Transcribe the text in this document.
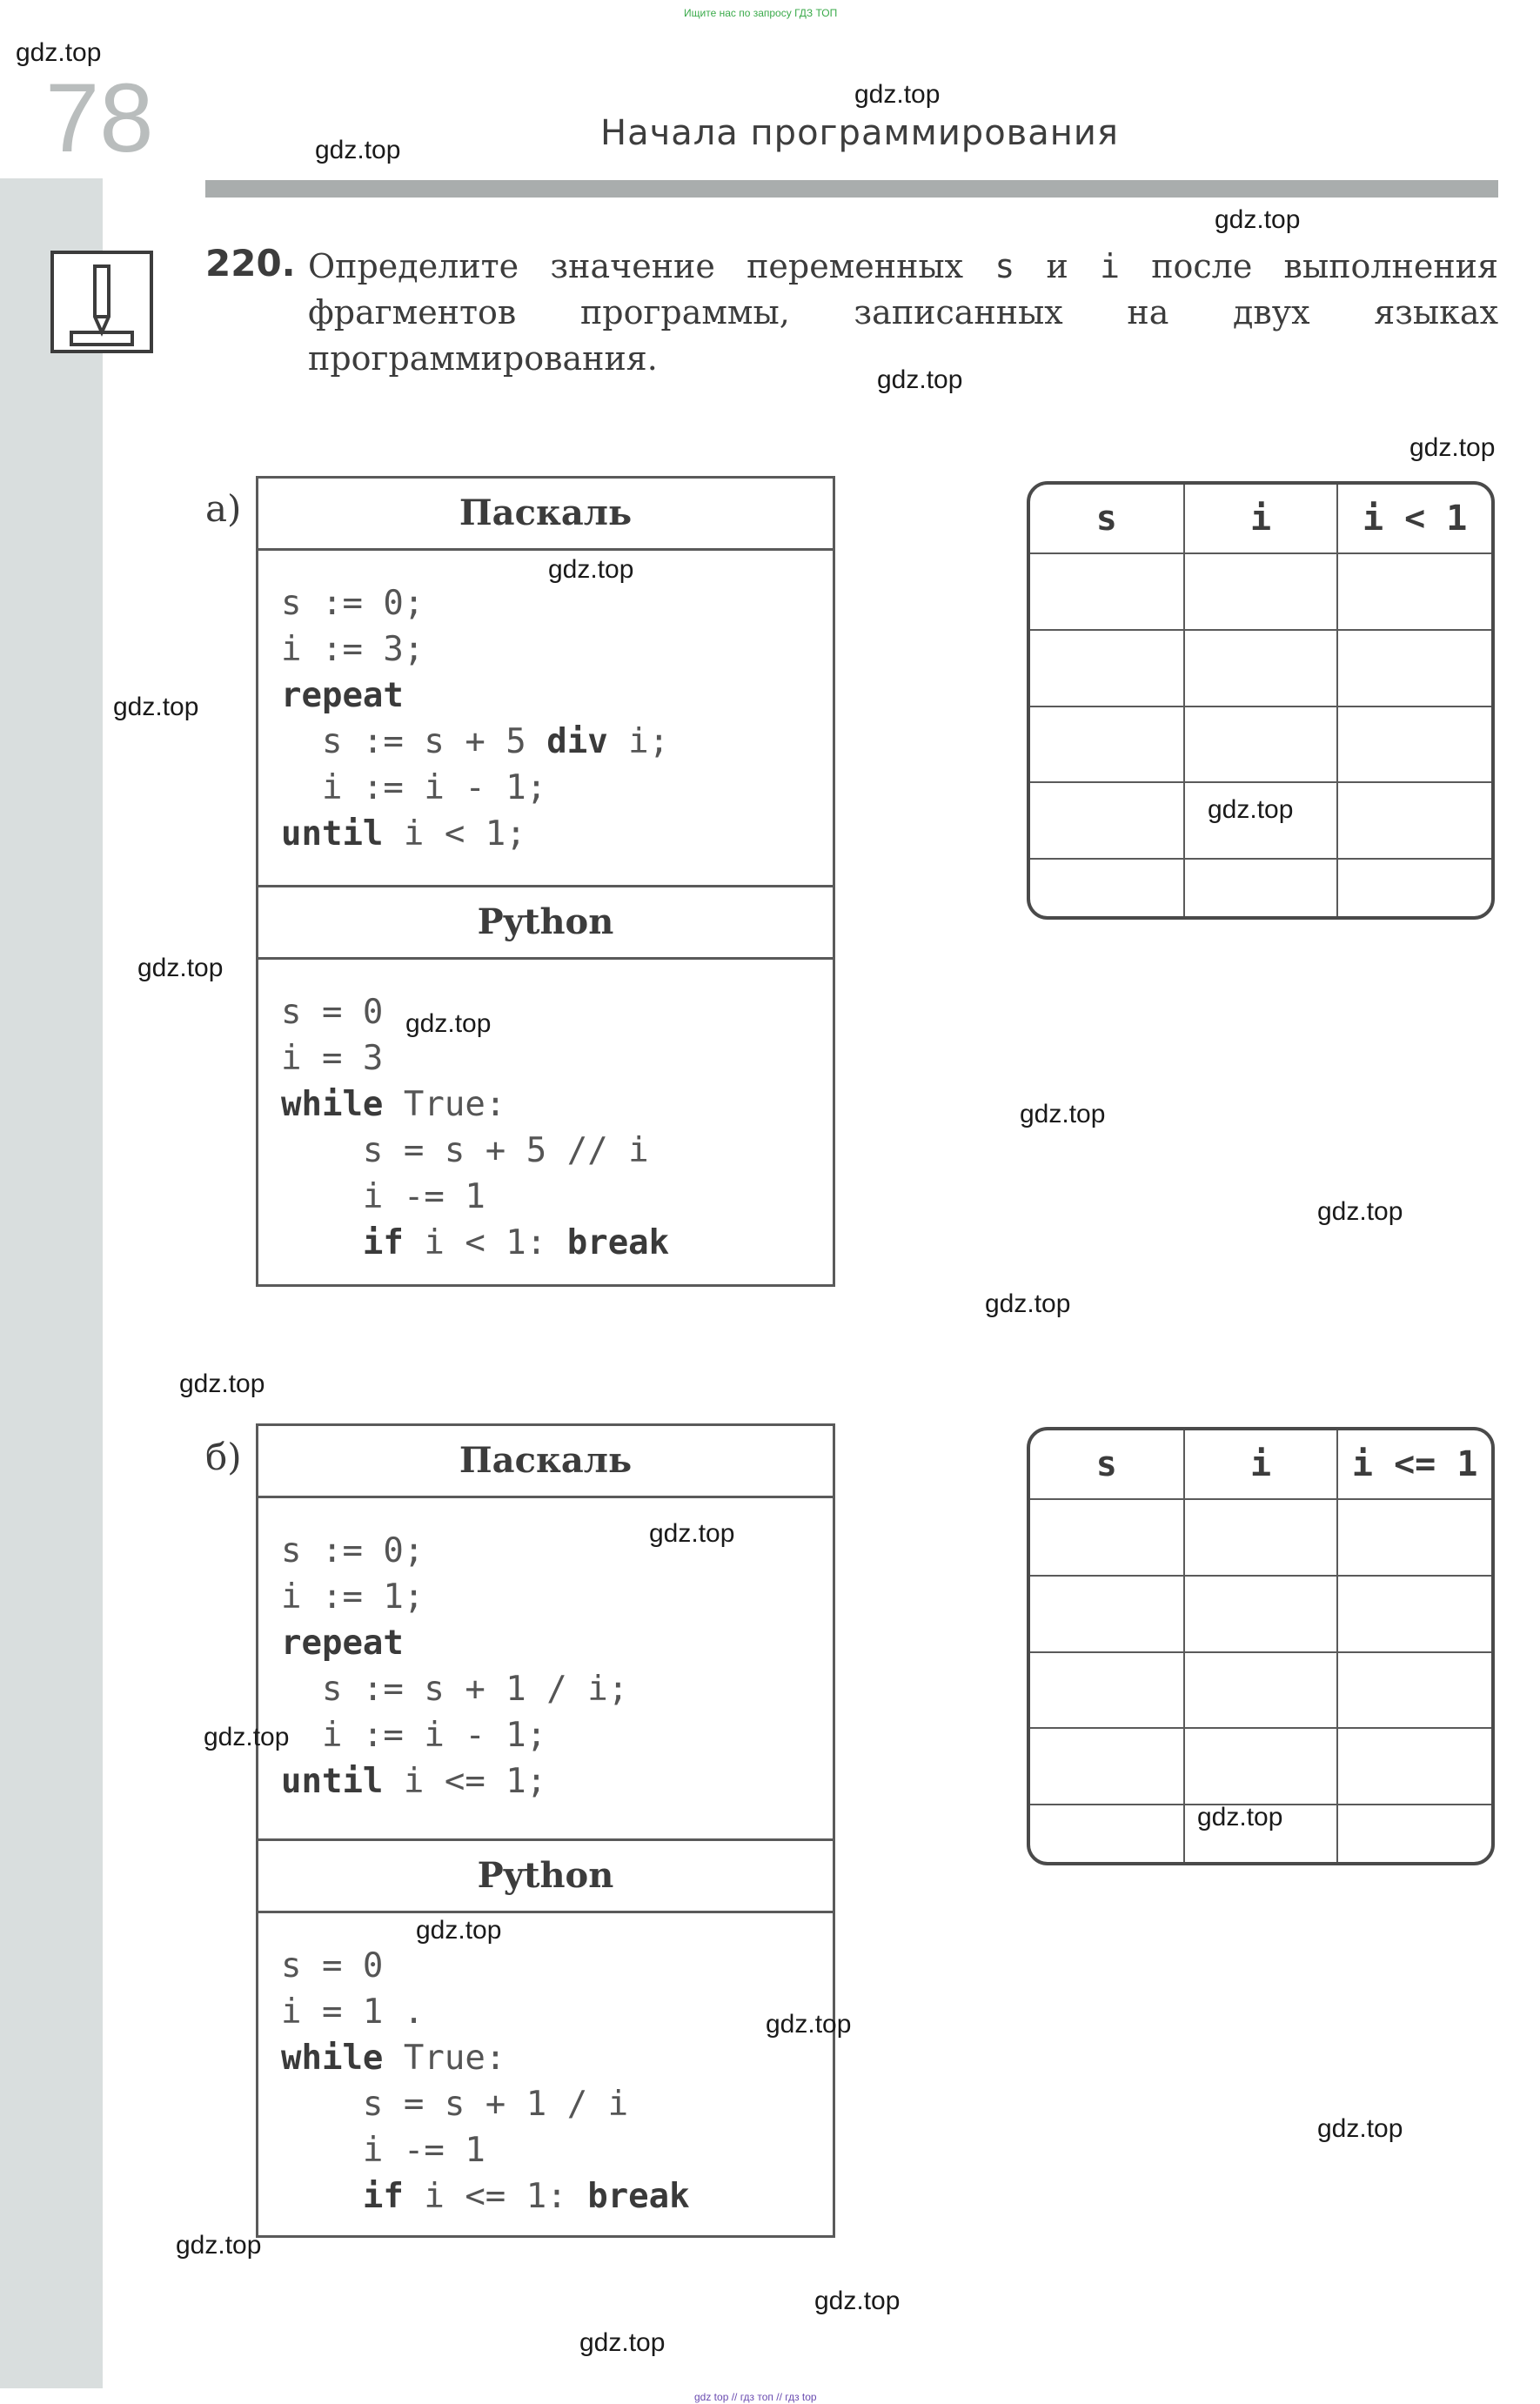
Ищите нас по запросу ГДЗ ТОП
78	Начала программирования
220. Определите значение переменных s и i после выполнения фрагментов программы, записанных на двух языках программирования.
а)	Паскаль
s := 0;
i := 3;
repeat
s := s + 5 div i;
i := i - 1;
until i < 1;
Python
s = 0
i = 3
while True:
s = s + 5 // i
i -= 1
if i < 1: break
s	i	i < 1

б)	Паскаль
s := 0;
i := 1;
repeat
s := s + 1 / i;
i := i - 1;
until i <= 1;
Python
s = 0
i = 1 .
while True:
s = s + 1 / i
i -= 1
if i <= 1: break
s	i	i <= 1

gdz.top
gdz.top
gdz.top
gdz.top
gdz.top
gdz.top
gdz.top
gdz.top
gdz.top
gdz.top
gdz.top
gdz.top
gdz.top
gdz.top
gdz.top
gdz.top
gdz.top
gdz.top
gdz.top
gdz.top
gdz.top
gdz.top
gdz.top
gdz.top
gdz top // гдз топ // гдз top
